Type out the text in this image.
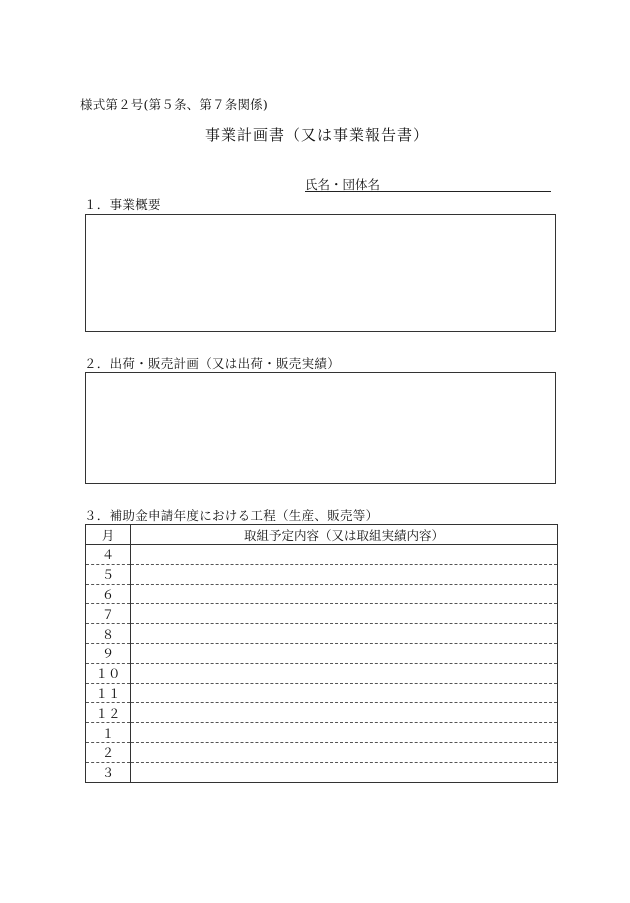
様式第２号(第５条、第７条関係)
事業計画書（又は事業報告書）
氏名・団体名
１．事業概要
２．出荷・販売計画（又は出荷・販売実績）
３．補助金申請年度における工程（生産、販売等）
月	取組予定内容（又は取組実績内容）
４	
５	
６	
７	
８	
９	
１０	
１１	
１２	
１	
２	
３	
